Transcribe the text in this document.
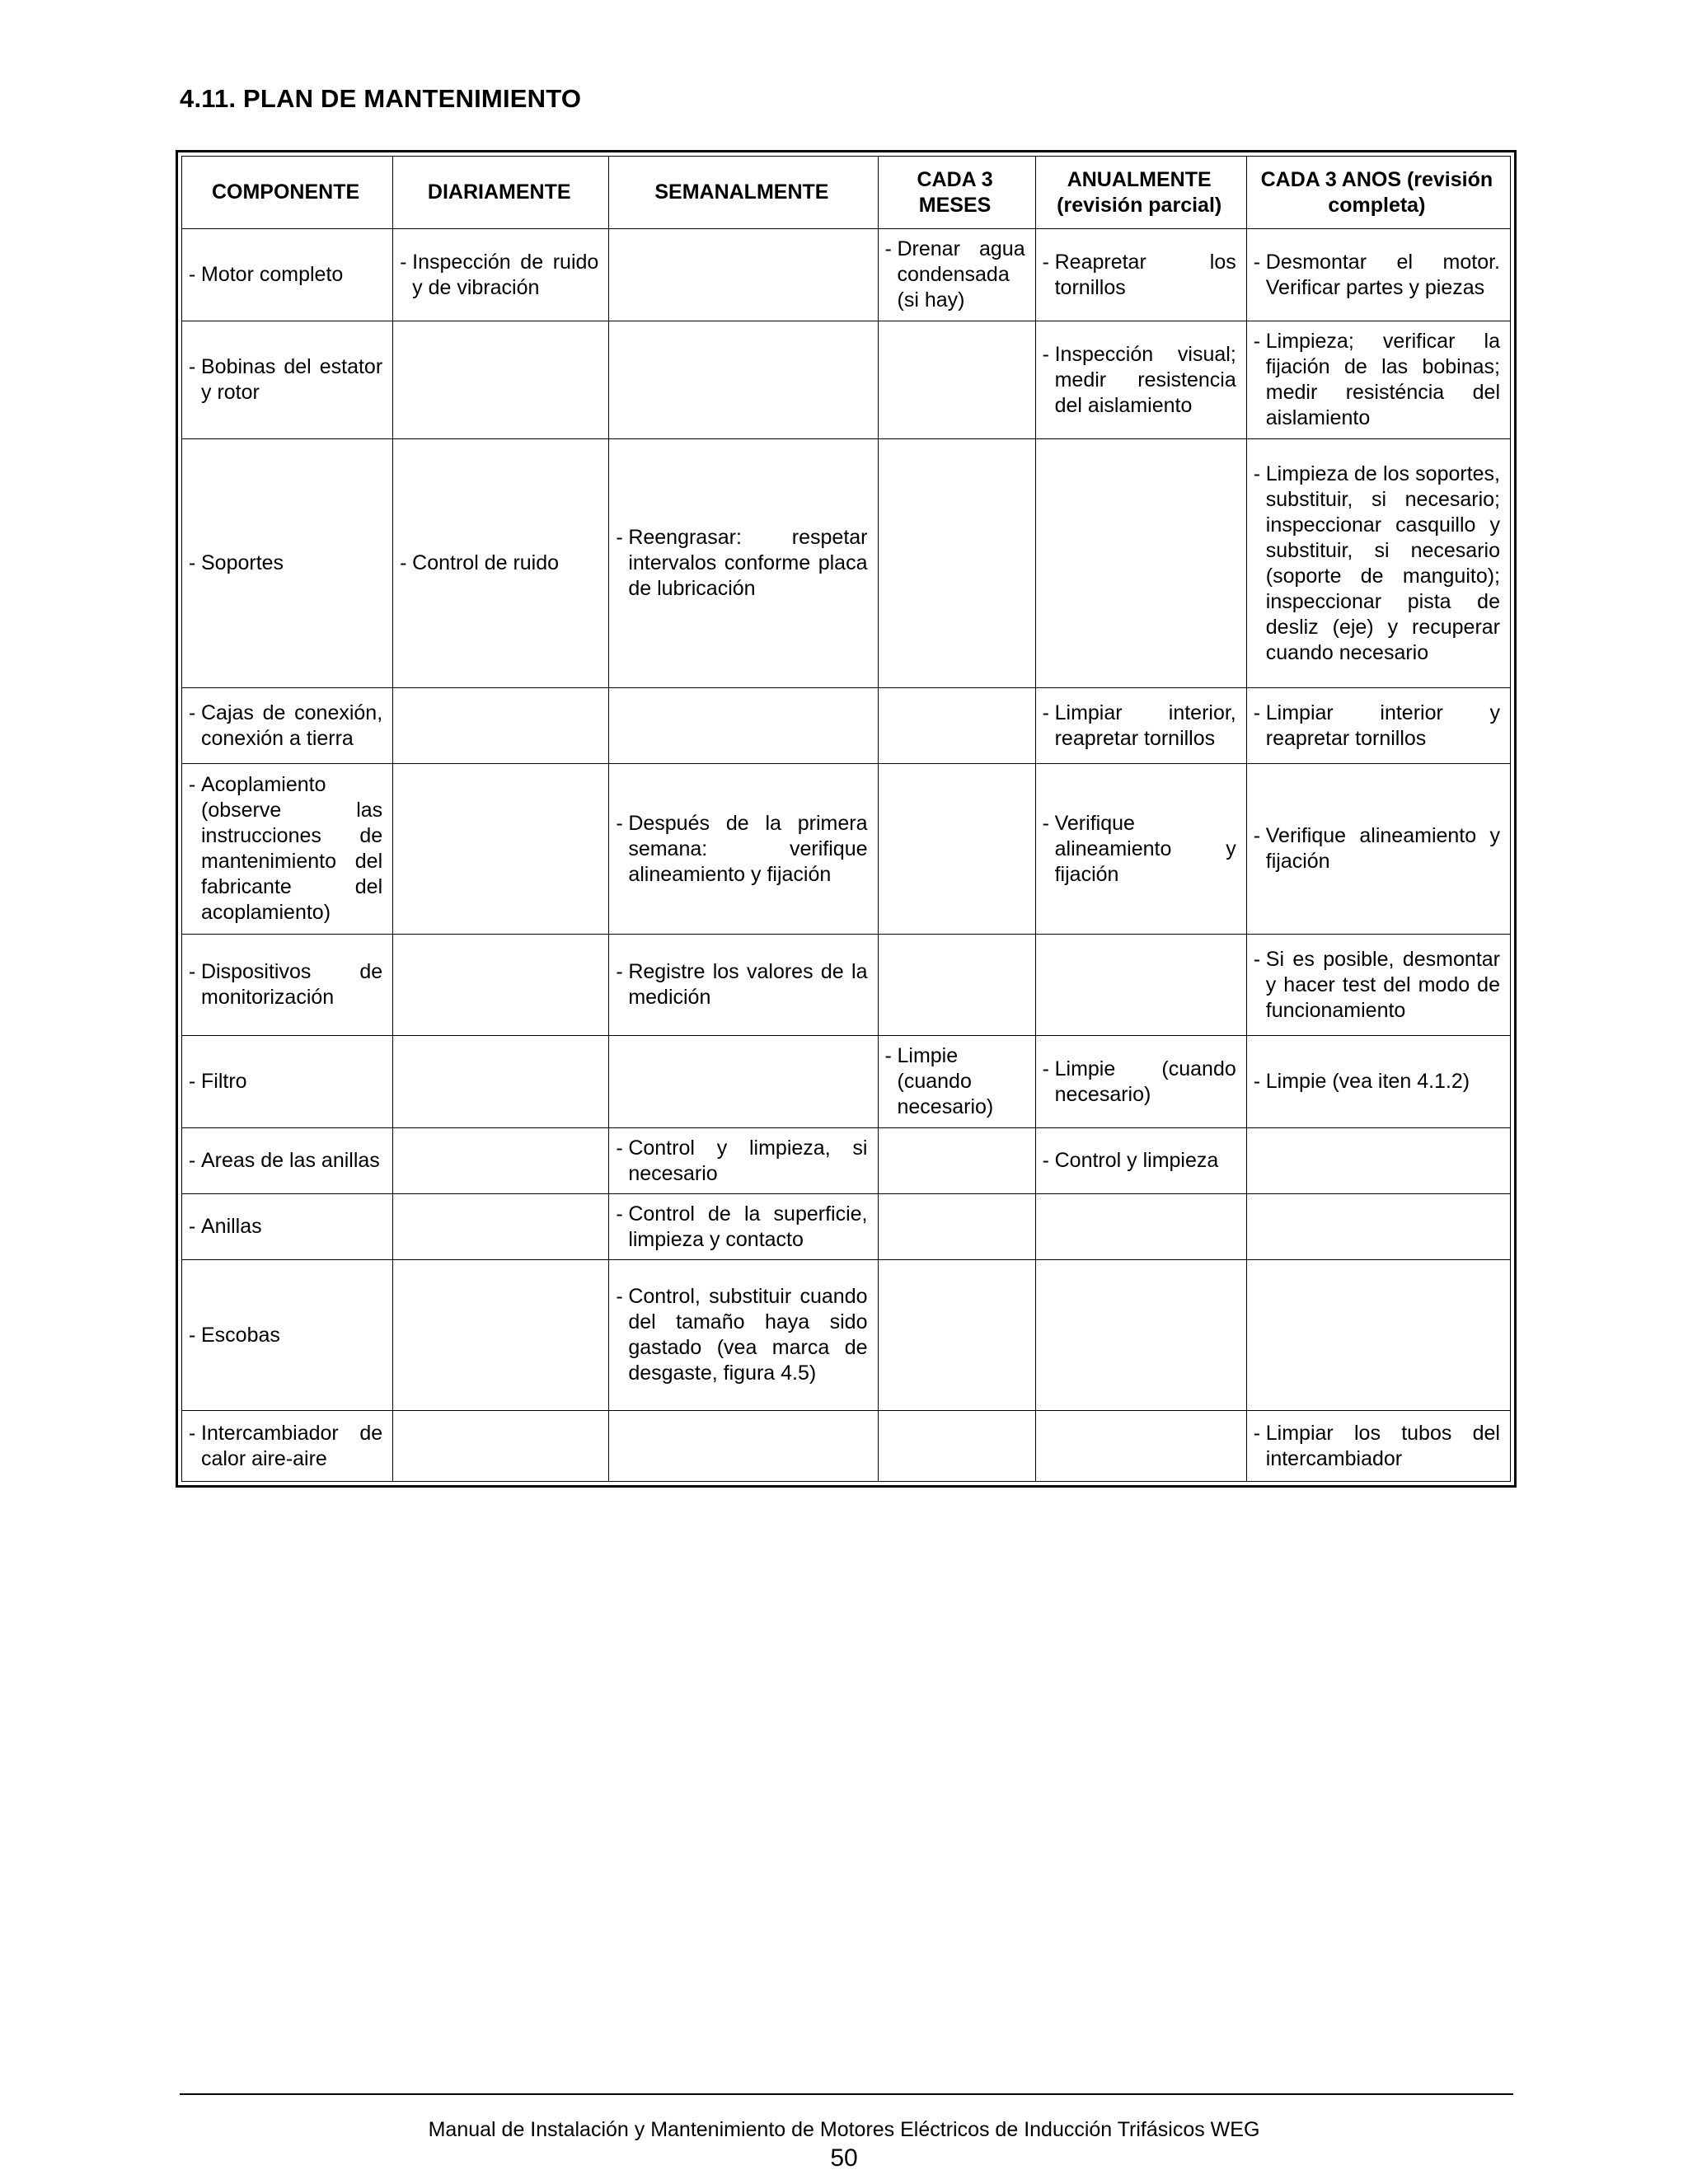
4.11. PLAN DE MANTENIMIENTO
COMPONENTE	DIARIAMENTE	SEMANALMENTE	CADA 3 MESES	ANUALMENTE (revisión parcial)	CADA 3 ANOS (revisión completa)

- Motor completo	- Inspección de ruido y de vibración		- Drenar agua condensada (si hay)	- Reapretar los tornillos	- Desmontar el motor. Verificar partes y piezas

- Bobinas del estator y rotor				- Inspección visual; medir resistencia del aislamiento	- Limpieza; verificar la fijación de las bobinas; medir resisténcia del aislamiento

- Soportes	- Control de ruido	- Reengrasar: respetar intervalos conforme placa de lubricación			- Limpieza de los soportes, substituir, si necesario; inspeccionar casquillo y substituir, si necesario (soporte de manguito); inspeccionar pista de desliz (eje) y recuperar cuando necesario

- Cajas de conexión, conexión a tierra				- Limpiar interior, reapretar tornillos	- Limpiar interior y reapretar tornillos

- Acoplamiento (observe las instrucciones de mantenimiento del fabricante del acoplamiento)		- Después de la primera semana: verifique alineamiento y fijación		- Verifique alineamiento y fijación	- Verifique alineamiento y fijación

- Dispositivos de monitorización		- Registre los valores de la medición			- Si es posible, desmontar y hacer test del modo de funcionamiento

- Filtro			- Limpie (cuando necesario)	- Limpie (cuando necesario)	- Limpie (vea iten 4.1.2)

- Areas de las anillas		- Control y limpieza, si necesario		- Control y limpieza	

- Anillas		- Control de la superficie, limpieza y contacto			

- Escobas		- Control, substituir cuando del tamaño haya sido gastado (vea marca de desgaste, figura 4.5)			

- Intercambiador de calor aire-aire					- Limpiar los tubos del intercambiador
Manual de Instalación y Mantenimiento de Motores Eléctricos de Inducción Trifásicos WEG
50
